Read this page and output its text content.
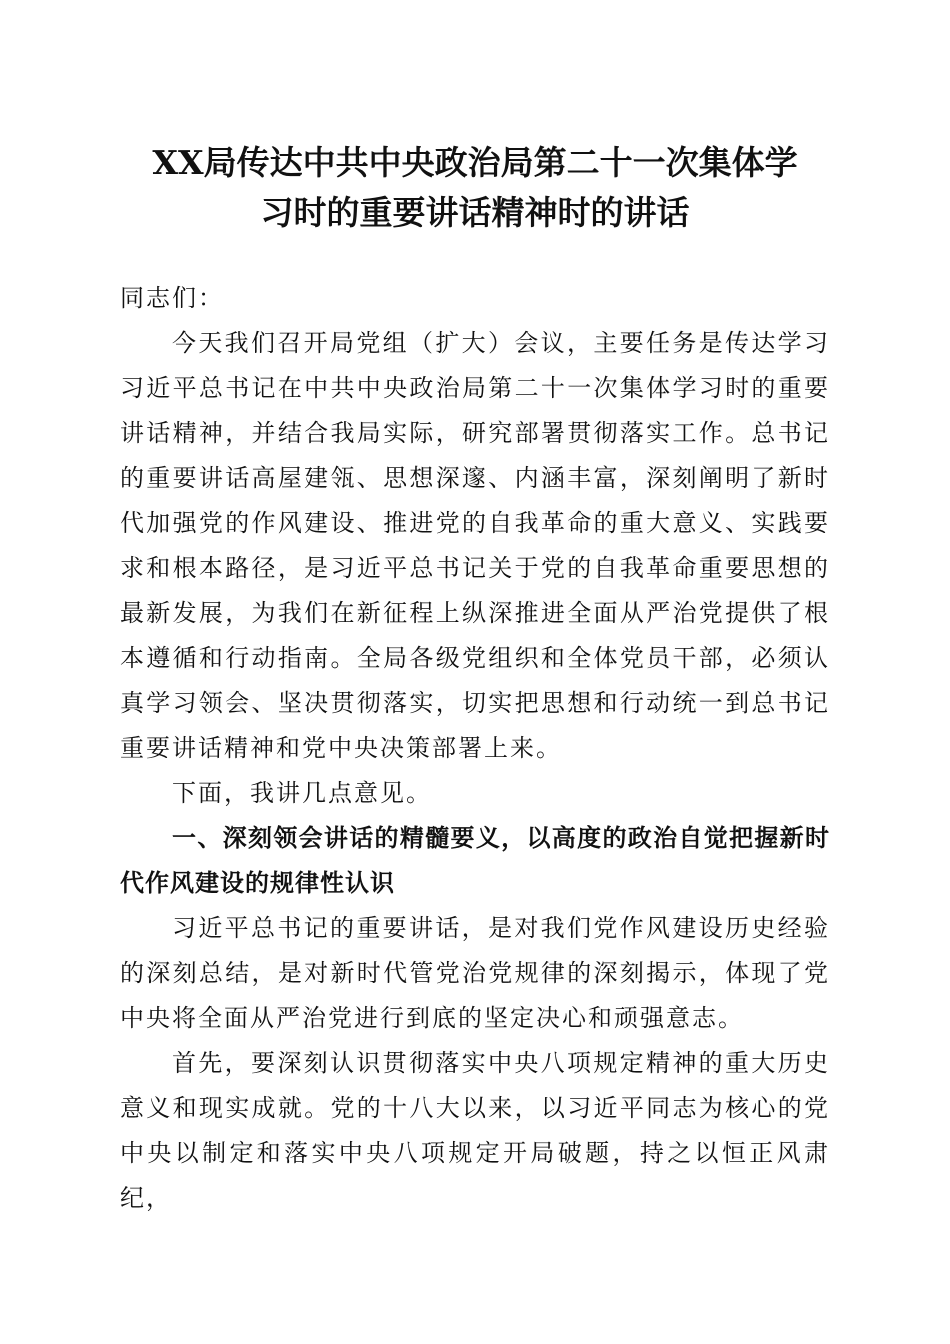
XX局传达中共中央政治局第二十一次集体学
习时的重要讲话精神时的讲话

同志们：

今天我们召开局党组（扩大）会议，主要任务是传达学习习近平总书记在中共中央政治局第二十一次集体学习时的重要讲话精神，并结合我局实际，研究部署贯彻落实工作。总书记的重要讲话高屋建瓴、思想深邃、内涵丰富，深刻阐明了新时代加强党的作风建设、推进党的自我革命的重大意义、实践要求和根本路径，是习近平总书记关于党的自我革命重要思想的最新发展，为我们在新征程上纵深推进全面从严治党提供了根本遵循和行动指南。全局各级党组织和全体党员干部，必须认真学习领会、坚决贯彻落实，切实把思想和行动统一到总书记重要讲话精神和党中央决策部署上来。

下面，我讲几点意见。

一、深刻领会讲话的精髓要义，以高度的政治自觉把握新时代作风建设的规律性认识

习近平总书记的重要讲话，是对我们党作风建设历史经验的深刻总结，是对新时代管党治党规律的深刻揭示，体现了党中央将全面从严治党进行到底的坚定决心和顽强意志。

首先，要深刻认识贯彻落实中央八项规定精神的重大历史意义和现实成就。党的十八大以来，以习近平同志为核心的党中央以制定和落实中央八项规定开局破题，持之以恒正风肃纪，
